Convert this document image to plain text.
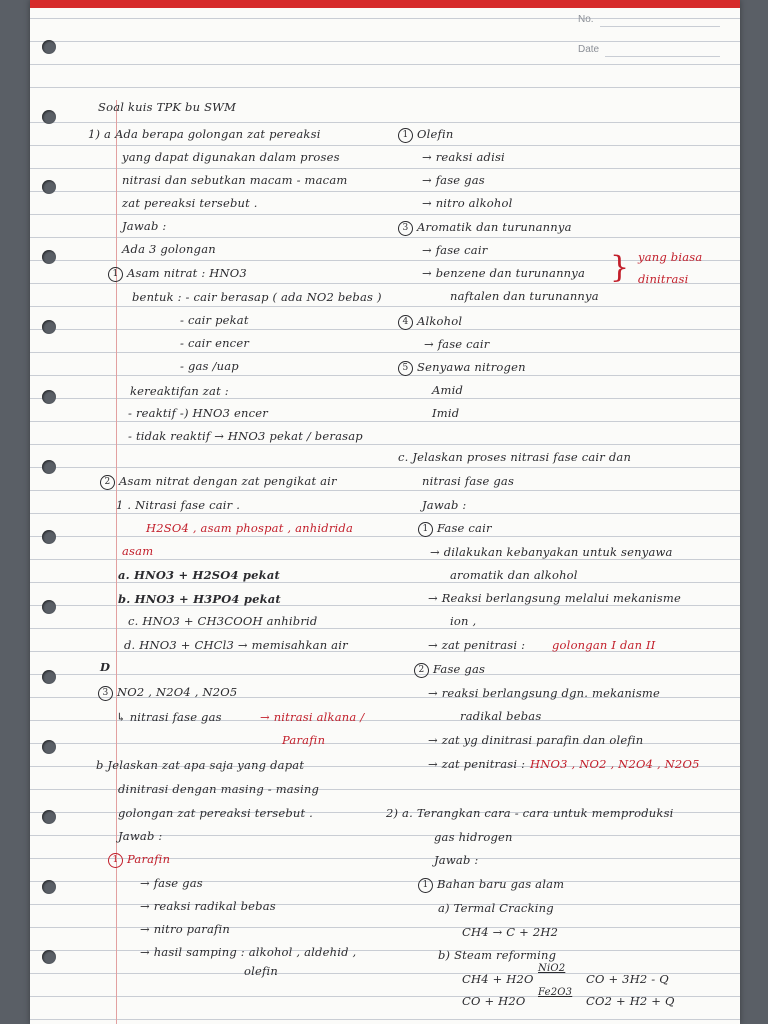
No.
Date
Soal kuis TPK bu SWM
1) a Ada berapa golongan zat pereaksi
yang dapat digunakan dalam proses
nitrasi dan sebutkan macam - macam
zat pereaksi tersebut .
Jawab :
Ada 3 golongan
1 Asam nitrat : HNO3
bentuk : - cair berasap ( ada NO2 bebas )
- cair pekat
- cair encer
- gas /uap
kereaktifan zat :
- reaktif -) HNO3 encer
- tidak reaktif → HNO3 pekat / berasap
2 Asam nitrat dengan zat pengikat air
1 . Nitrasi fase cair .
H2SO4 , asam phospat , anhidrida
asam
a. HNO3 + H2SO4 pekat
b. HNO3 + H3PO4 pekat
c. HNO3 + CH3COOH anhibrid
d. HNO3 + CHCl3 → memisahkan air
D
3 NO2 , N2O4 , N2O5
↳ nitrasi fase gas	→ nitrasi alkana /
Parafin
b Jelaskan zat apa saja yang dapat
dinitrasi dengan masing - masing
golongan zat pereaksi tersebut .
Jawab :
1 Parafin
→ fase gas
→ reaksi radikal bebas
→ nitro parafin
→ hasil samping : alkohol , aldehid ,
olefin
1 Olefin
→ reaksi adisi
→ fase gas
→ nitro alkohol
3 Aromatik dan turunannya
→ fase cair
→ benzene dan turunannya
naftalen dan turunannya
} yang biasa
dinitrasi
4 Alkohol
→ fase cair
5 Senyawa nitrogen
Amid
Imid
c. Jelaskan proses nitrasi fase cair dan
nitrasi fase gas
Jawab :
1 Fase cair
→ dilakukan kebanyakan untuk senyawa
aromatik dan alkohol
→ Reaksi berlangsung melalui mekanisme
ion ,
→ zat penitrasi : golongan I dan II
2 Fase gas
→ reaksi berlangsung dgn. mekanisme
radikal bebas
→ zat yg dinitrasi parafin dan olefin
→ zat penitrasi : HNO3 , NO2 , N2O4 , N2O5
2) a. Terangkan cara - cara untuk memproduksi
gas hidrogen
Jawab :
1 Bahan baru gas alam
a) Termal Cracking
CH4 → C + 2H2
b) Steam reforming
CH4 + H2O
NiO2
CO + 3H2 - Q
CO + H2O
Fe2O3
CO2 + H2 + Q
